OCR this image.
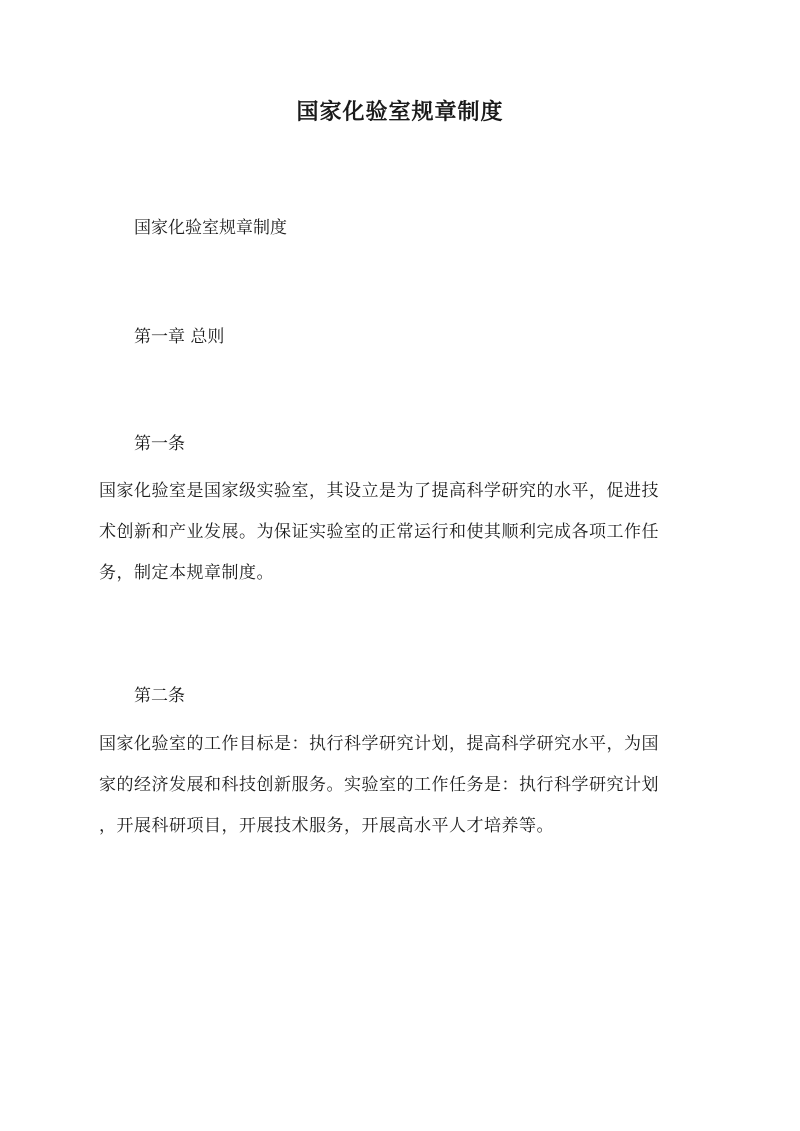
国家化验室规章制度
国家化验室规章制度
第一章 总则
第一条
国家化验室是国家级实验室，其设立是为了提高科学研究的水平，促进技
术创新和产业发展。为保证实验室的正常运行和使其顺利完成各项工作任
务，制定本规章制度。
第二条
国家化验室的工作目标是：执行科学研究计划，提高科学研究水平，为国
家的经济发展和科技创新服务。实验室的工作任务是：执行科学研究计划
，开展科研项目，开展技术服务，开展高水平人才培养等。
